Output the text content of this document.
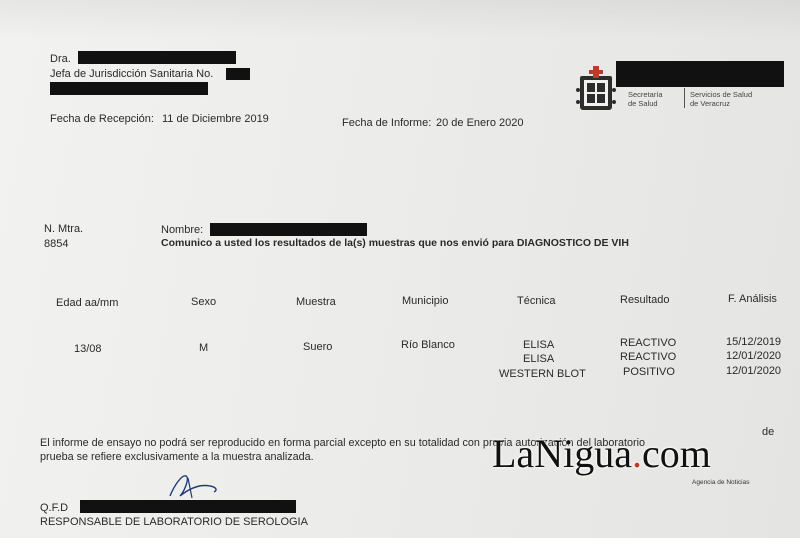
Dra.
Jefa de Jurisdicción Sanitaria No.
Fecha de Recepción: 11 de Diciembre 2019	Fecha de Informe: 20 de Enero 2020
Secretaría
de Salud
Servicios de Salud
de Veracruz
N. Mtra.
8854
Nombre:
Comunico a usted los resultados de la(s) muestras que nos envió para DIAGNOSTICO DE VIH
Edad aa/mm	Sexo	Muestra	Municipio	Técnica	Resultado	F. Análisis
13/08	M	Suero	Río Blanco	ELISA	REACTIVO	15/12/2019
ELISA	REACTIVO	12/01/2020
WESTERN BLOT	POSITIVO	12/01/2020
El informe de ensayo no podrá ser reproducido en forma parcial excepto en su totalidad con previa autorización del laboratorio
de
prueba se refiere exclusivamente a la muestra analizada.
Q.F.D
RESPONSABLE DE LABORATORIO DE SEROLOGIA
LaNigua.com
Agencia de Noticias
